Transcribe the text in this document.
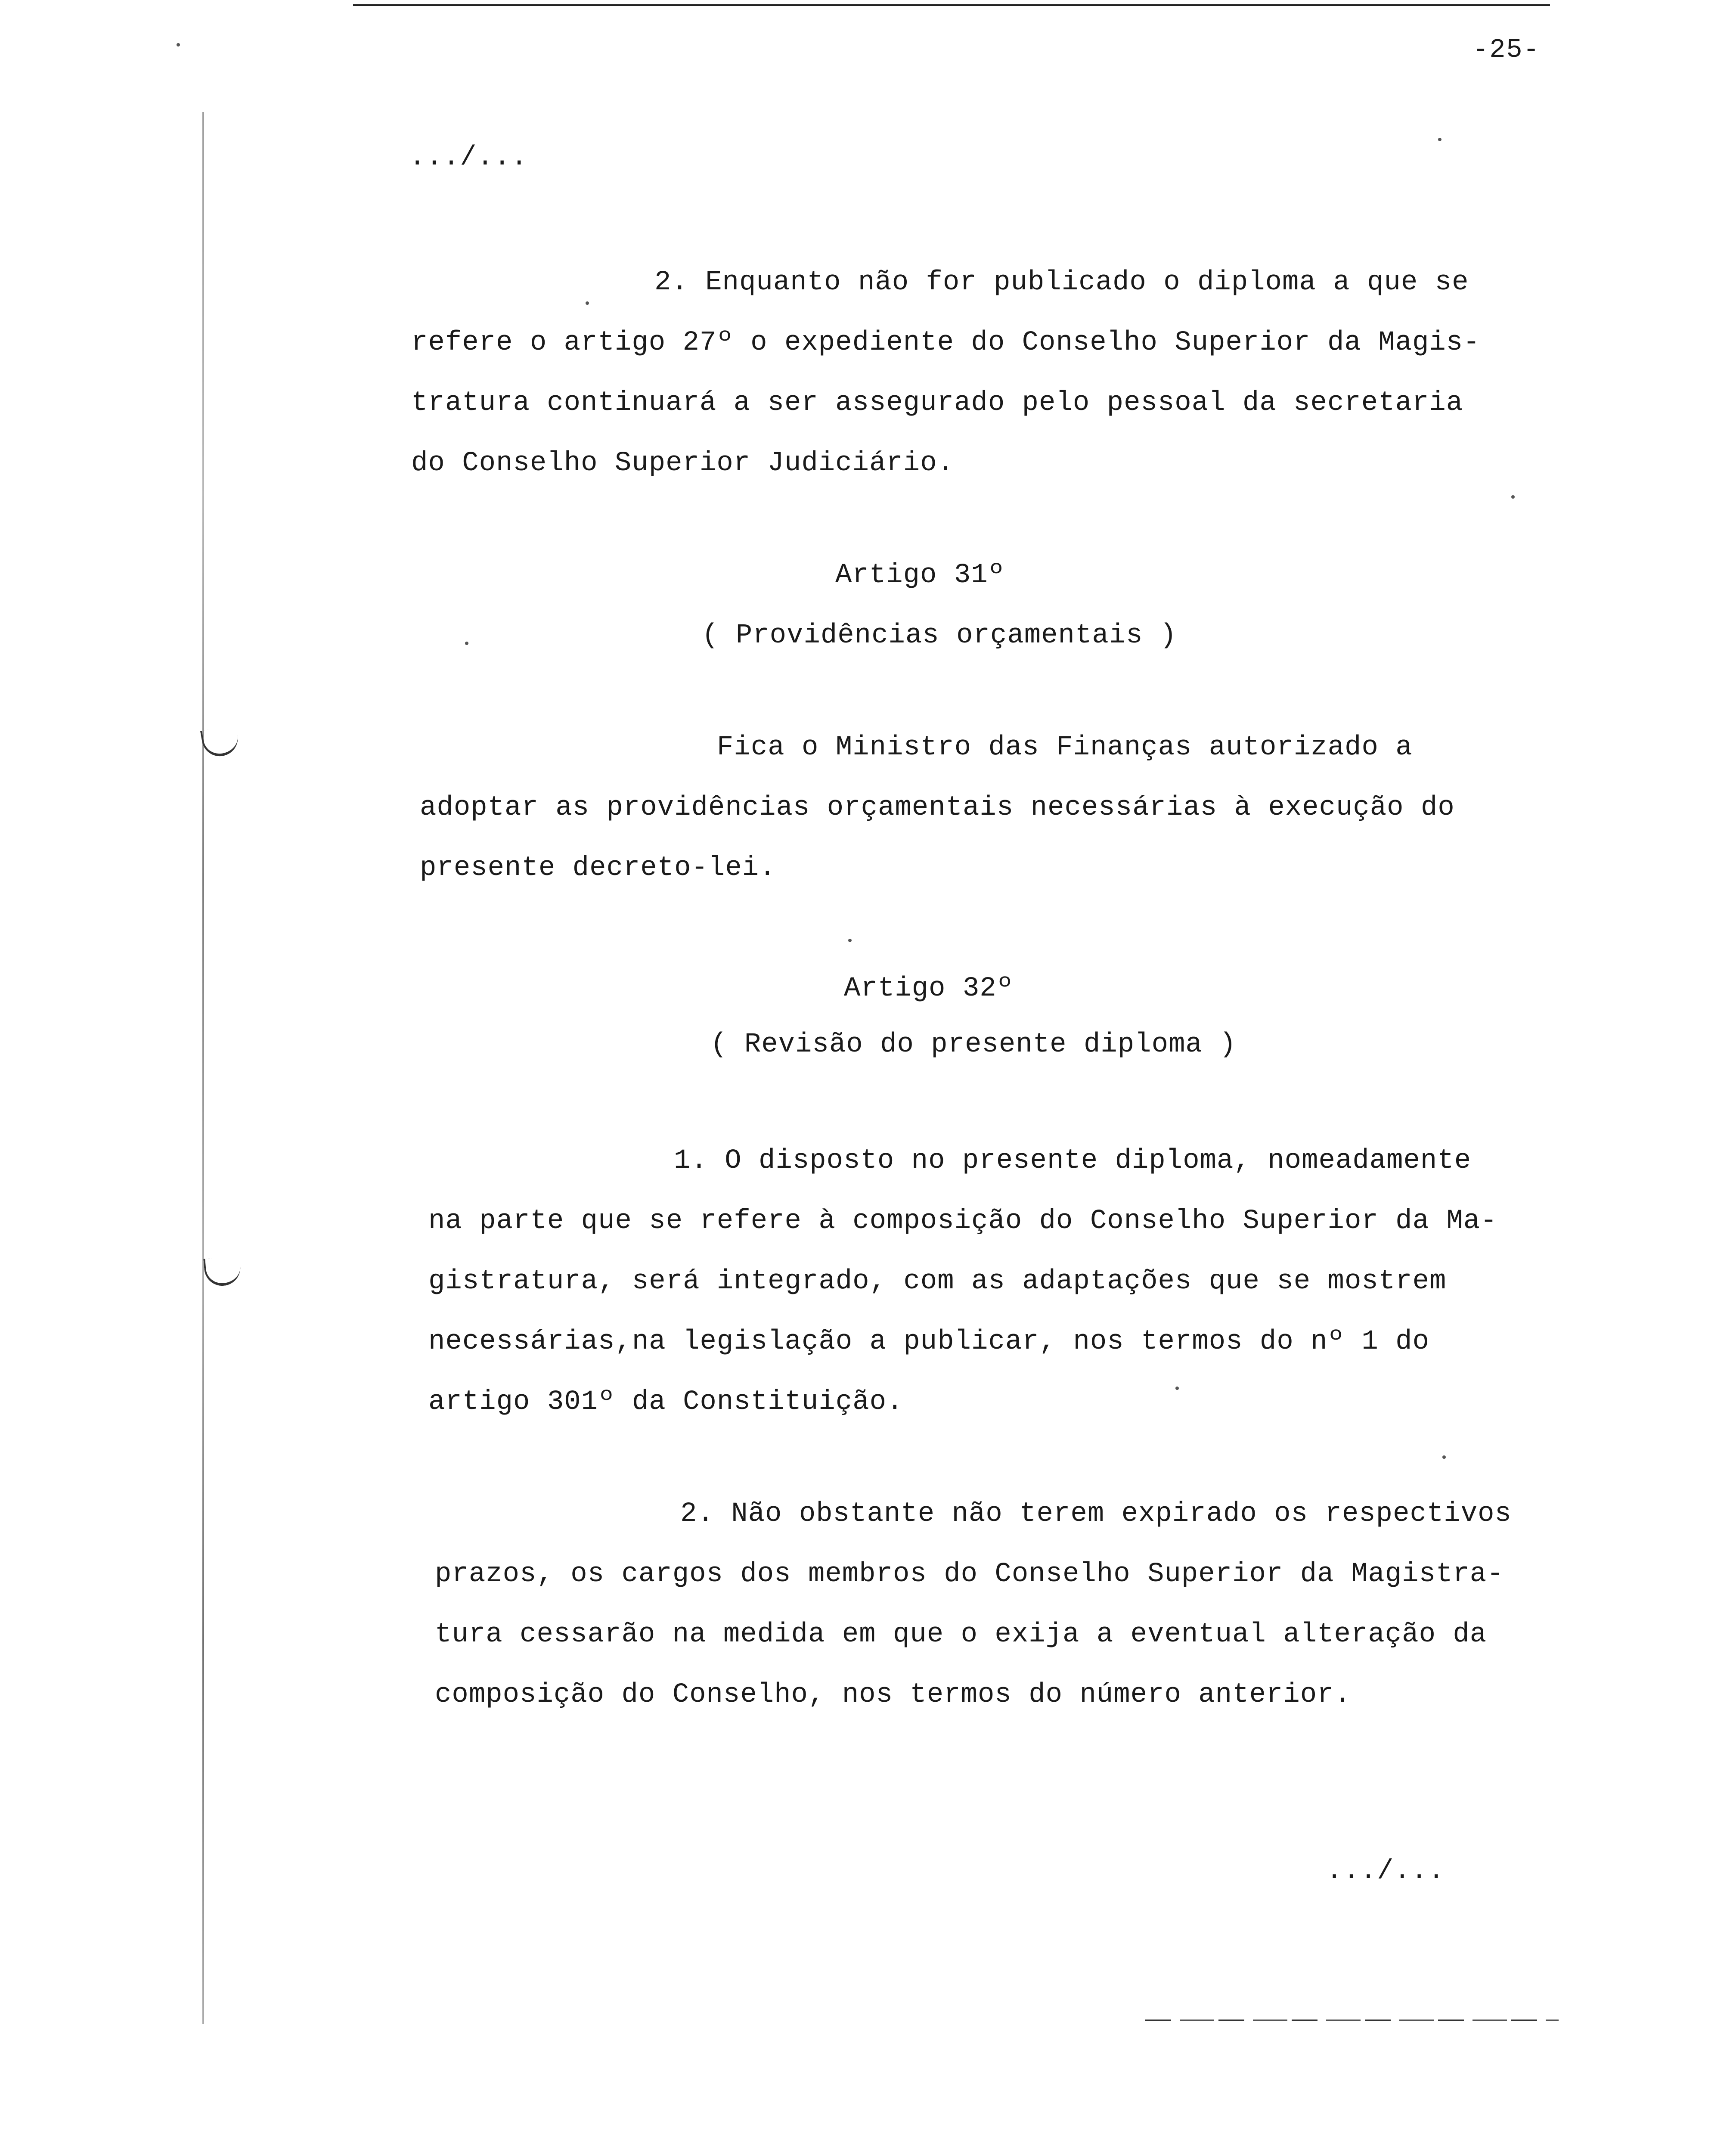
-25-
.../...
2. Enquanto não for publicado o diploma a que se
refere o artigo 27º o expediente do Conselho Superior da Magis-
tratura continuará a ser assegurado pelo pessoal da secretaria
do Conselho Superior Judiciário.
Artigo 31º
( Providências orçamentais )
Fica o Ministro das Finanças autorizado a
adoptar as providências orçamentais necessárias à execução do
presente decreto-lei.
Artigo 32º
( Revisão do presente diploma )
1. O disposto no presente diploma, nomeadamente
na parte que se refere à composição do Conselho Superior da Ma-
gistratura, será integrado, com as adaptações que se mostrem
necessárias,na legislação a publicar, nos termos do nº 1 do
artigo 301º da Constituição.
2. Não obstante não terem expirado os respectivos
prazos, os cargos dos membros do Conselho Superior da Magistra-
tura cessarão na medida em que o exija a eventual alteração da
composição do Conselho, nos termos do número anterior.
.../...
